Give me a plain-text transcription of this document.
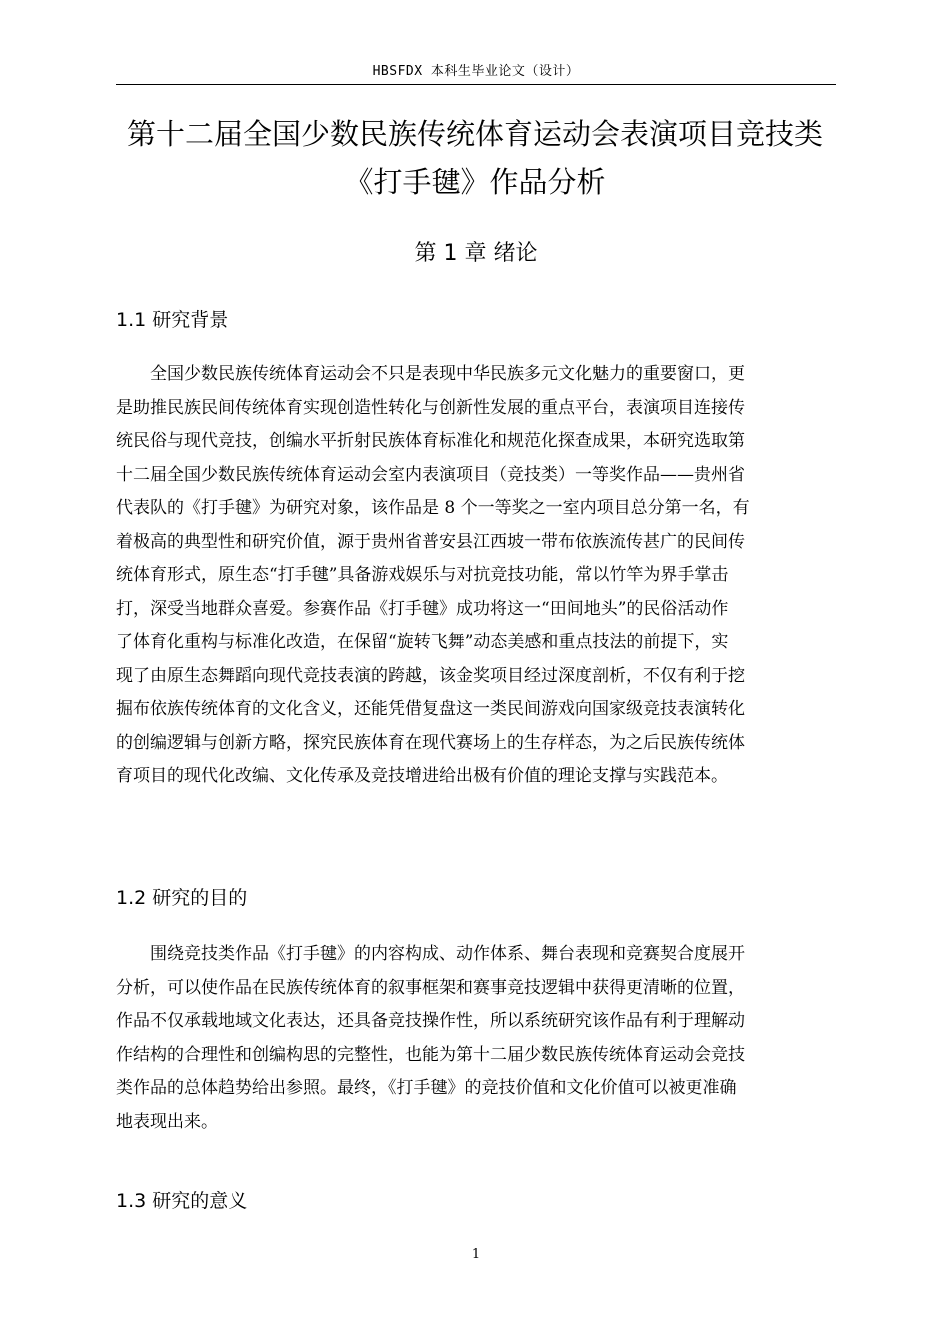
HBSFDX 本科生毕业论文（设计）
第十二届全国少数民族传统体育运动会表演项目竞技类
《打手毽》作品分析
第 1 章 绪论
1.1 研究背景
全国少数民族传统体育运动会不只是表现中华民族多元文化魅力的重要窗口，更
是助推民族民间传统体育实现创造性转化与创新性发展的重点平台，表演项目连接传
统民俗与现代竞技，创编水平折射民族体育标准化和规范化探查成果，本研究选取第
十二届全国少数民族传统体育运动会室内表演项目（竞技类）一等奖作品——贵州省
代表队的《打手毽》为研究对象，该作品是 8 个一等奖之一室内项目总分第一名，有
着极高的典型性和研究价值，源于贵州省普安县江西坡一带布依族流传甚广的民间传
统体育形式，原生态“打手毽”具备游戏娱乐与对抗竞技功能，常以竹竿为界手掌击
打，深受当地群众喜爱。参赛作品《打手毽》成功将这一“田间地头”的民俗活动作
了体育化重构与标准化改造，在保留“旋转飞舞”动态美感和重点技法的前提下，实
现了由原生态舞蹈向现代竞技表演的跨越，该金奖项目经过深度剖析，不仅有利于挖
掘布依族传统体育的文化含义，还能凭借复盘这一类民间游戏向国家级竞技表演转化
的创编逻辑与创新方略，探究民族体育在现代赛场上的生存样态，为之后民族传统体
育项目的现代化改编、文化传承及竞技增进给出极有价值的理论支撑与实践范本。
1.2 研究的目的
围绕竞技类作品《打手毽》的内容构成、动作体系、舞台表现和竞赛契合度展开
分析，可以使作品在民族传统体育的叙事框架和赛事竞技逻辑中获得更清晰的位置，
作品不仅承载地域文化表达，还具备竞技操作性，所以系统研究该作品有利于理解动
作结构的合理性和创编构思的完整性，也能为第十二届少数民族传统体育运动会竞技
类作品的总体趋势给出参照。最终，《打手毽》的竞技价值和文化价值可以被更准确
地表现出来。
1.3 研究的意义
1
